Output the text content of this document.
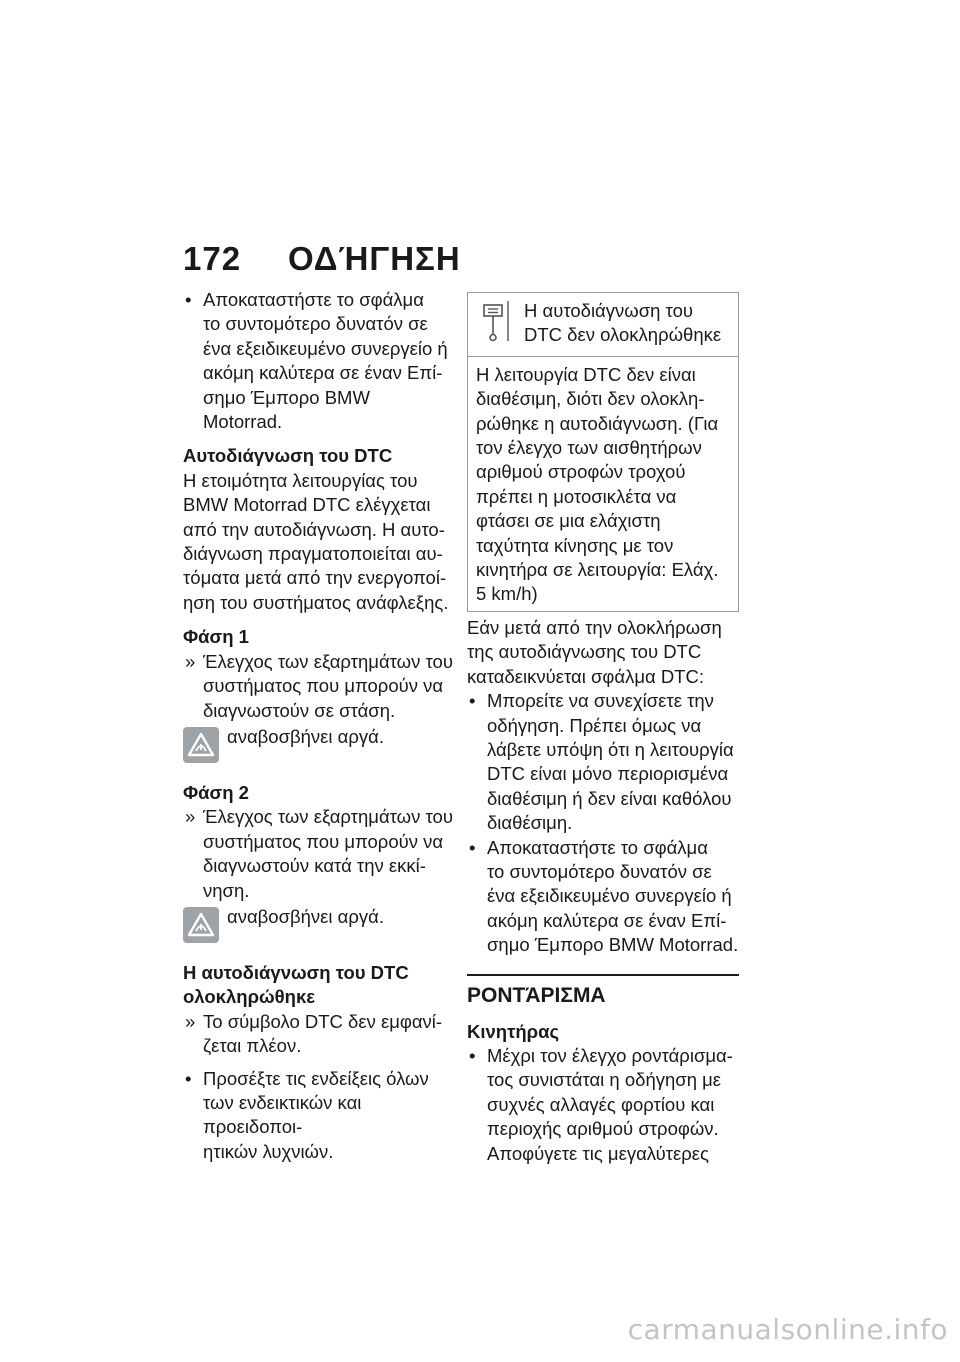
172 ΟΔΉΓΗΣΗ

• Αποκαταστήστε το σφάλμα

το συντομότερο δυνατόν σε

ένα εξειδικευμένο συνεργείο ή

ακόμη καλύτερα σε έναν Επί-

σημο Έμπορο BMW Motorrad.

Αυτοδιάγνωση του DTC

Η ετοιμότητα λειτουργίας του

BMW Motorrad DTC ελέγχεται

από την αυτοδιάγνωση. Η αυτο-

διάγνωση πραγματοποιείται αυ-

τόματα μετά από την ενεργοποί-

ηση του συστήματος ανάφλεξης.

Φάση 1

» Έλεγχος των εξαρτημάτων του

συστήματος που μπορούν να

διαγνωστούν σε στάση.

αναβοσβήνει αργά.
Φάση 2

» Έλεγχος των εξαρτημάτων του

συστήματος που μπορούν να

διαγνωστούν κατά την εκκί-

νηση.

αναβοσβήνει αργά.
Η αυτοδιάγνωση του DTC
ολοκληρώθηκε

» Το σύμβολο DTC δεν εμφανί-

ζεται πλέον.

• Προσέξτε τις ενδείξεις όλων

των ενδεικτικών και προειδοποι-

ητικών λυχνιών.

Η αυτοδιάγνωση του

DTC δεν ολοκληρώθηκε

Η λειτουργία DTC δεν είναι

διαθέσιμη, διότι δεν ολοκλη-

ρώθηκε η αυτοδιάγνωση. (Για

τον έλεγχο των αισθητήρων

αριθμού στροφών τροχού

πρέπει η μοτοσικλέτα να

φτάσει σε μια ελάχιστη

ταχύτητα κίνησης με τον

κινητήρα σε λειτουργία: Ελάχ.

5 km/h)

Εάν μετά από την ολοκλήρωση

της αυτοδιάγνωσης του DTC

καταδεικνύεται σφάλμα DTC:

• Μπορείτε να συνεχίσετε την

οδήγηση. Πρέπει όμως να

λάβετε υπόψη ότι η λειτουργία

DTC είναι μόνο περιορισμένα

διαθέσιμη ή δεν είναι καθόλου

διαθέσιμη.

• Αποκαταστήστε το σφάλμα

το συντομότερο δυνατόν σε

ένα εξειδικευμένο συνεργείο ή

ακόμη καλύτερα σε έναν Επί-

σημο Έμπορο BMW Motorrad.

ΡΟΝΤΆΡΙΣΜΑ
Κινητήρας

• Μέχρι τον έλεγχο ροντάρισμα-

τος συνιστάται η οδήγηση με

συχνές αλλαγές φορτίου και

περιοχής αριθμού στροφών.

Αποφύγετε τις μεγαλύτερες

carmanualsonline.info
